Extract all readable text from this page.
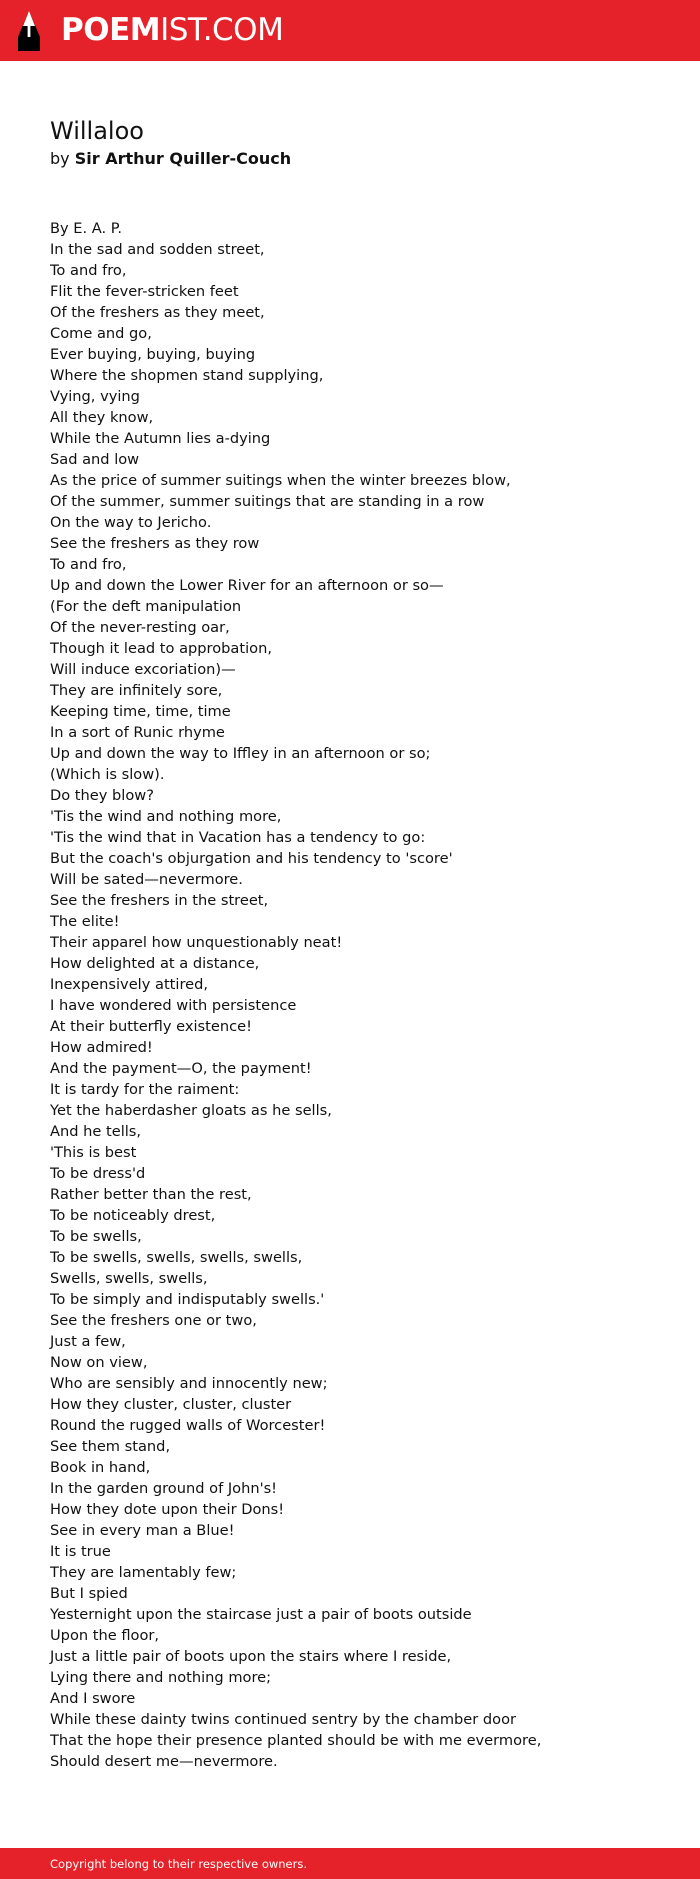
POEMIST.COM
Willaloo
by Sir Arthur Quiller-Couch
By E. A. P.
In the sad and sodden street,
To and fro,
Flit the fever-stricken feet
Of the freshers as they meet,
Come and go,
Ever buying, buying, buying
Where the shopmen stand supplying,
Vying, vying
All they know,
While the Autumn lies a-dying
Sad and low
As the price of summer suitings when the winter breezes blow,
Of the summer, summer suitings that are standing in a row
On the way to Jericho.
See the freshers as they row
To and fro,
Up and down the Lower River for an afternoon or so—
(For the deft manipulation
Of the never-resting oar,
Though it lead to approbation,
Will induce excoriation)—
They are infinitely sore,
Keeping time, time, time
In a sort of Runic rhyme
Up and down the way to Iffley in an afternoon or so;
(Which is slow).
Do they blow?
'Tis the wind and nothing more,
'Tis the wind that in Vacation has a tendency to go:
But the coach's objurgation and his tendency to 'score'
Will be sated—nevermore.
See the freshers in the street,
The elite!
Their apparel how unquestionably neat!
How delighted at a distance,
Inexpensively attired,
I have wondered with persistence
At their butterfly existence!
How admired!
And the payment—O, the payment!
It is tardy for the raiment:
Yet the haberdasher gloats as he sells,
And he tells,
'This is best
To be dress'd
Rather better than the rest,
To be noticeably drest,
To be swells,
To be swells, swells, swells, swells,
Swells, swells, swells,
To be simply and indisputably swells.'
See the freshers one or two,
Just a few,
Now on view,
Who are sensibly and innocently new;
How they cluster, cluster, cluster
Round the rugged walls of Worcester!
See them stand,
Book in hand,
In the garden ground of John's!
How they dote upon their Dons!
See in every man a Blue!
It is true
They are lamentably few;
But I spied
Yesternight upon the staircase just a pair of boots outside
Upon the floor,
Just a little pair of boots upon the stairs where I reside,
Lying there and nothing more;
And I swore
While these dainty twins continued sentry by the chamber door
That the hope their presence planted should be with me evermore,
Should desert me—nevermore.
Copyright belong to their respective owners.
